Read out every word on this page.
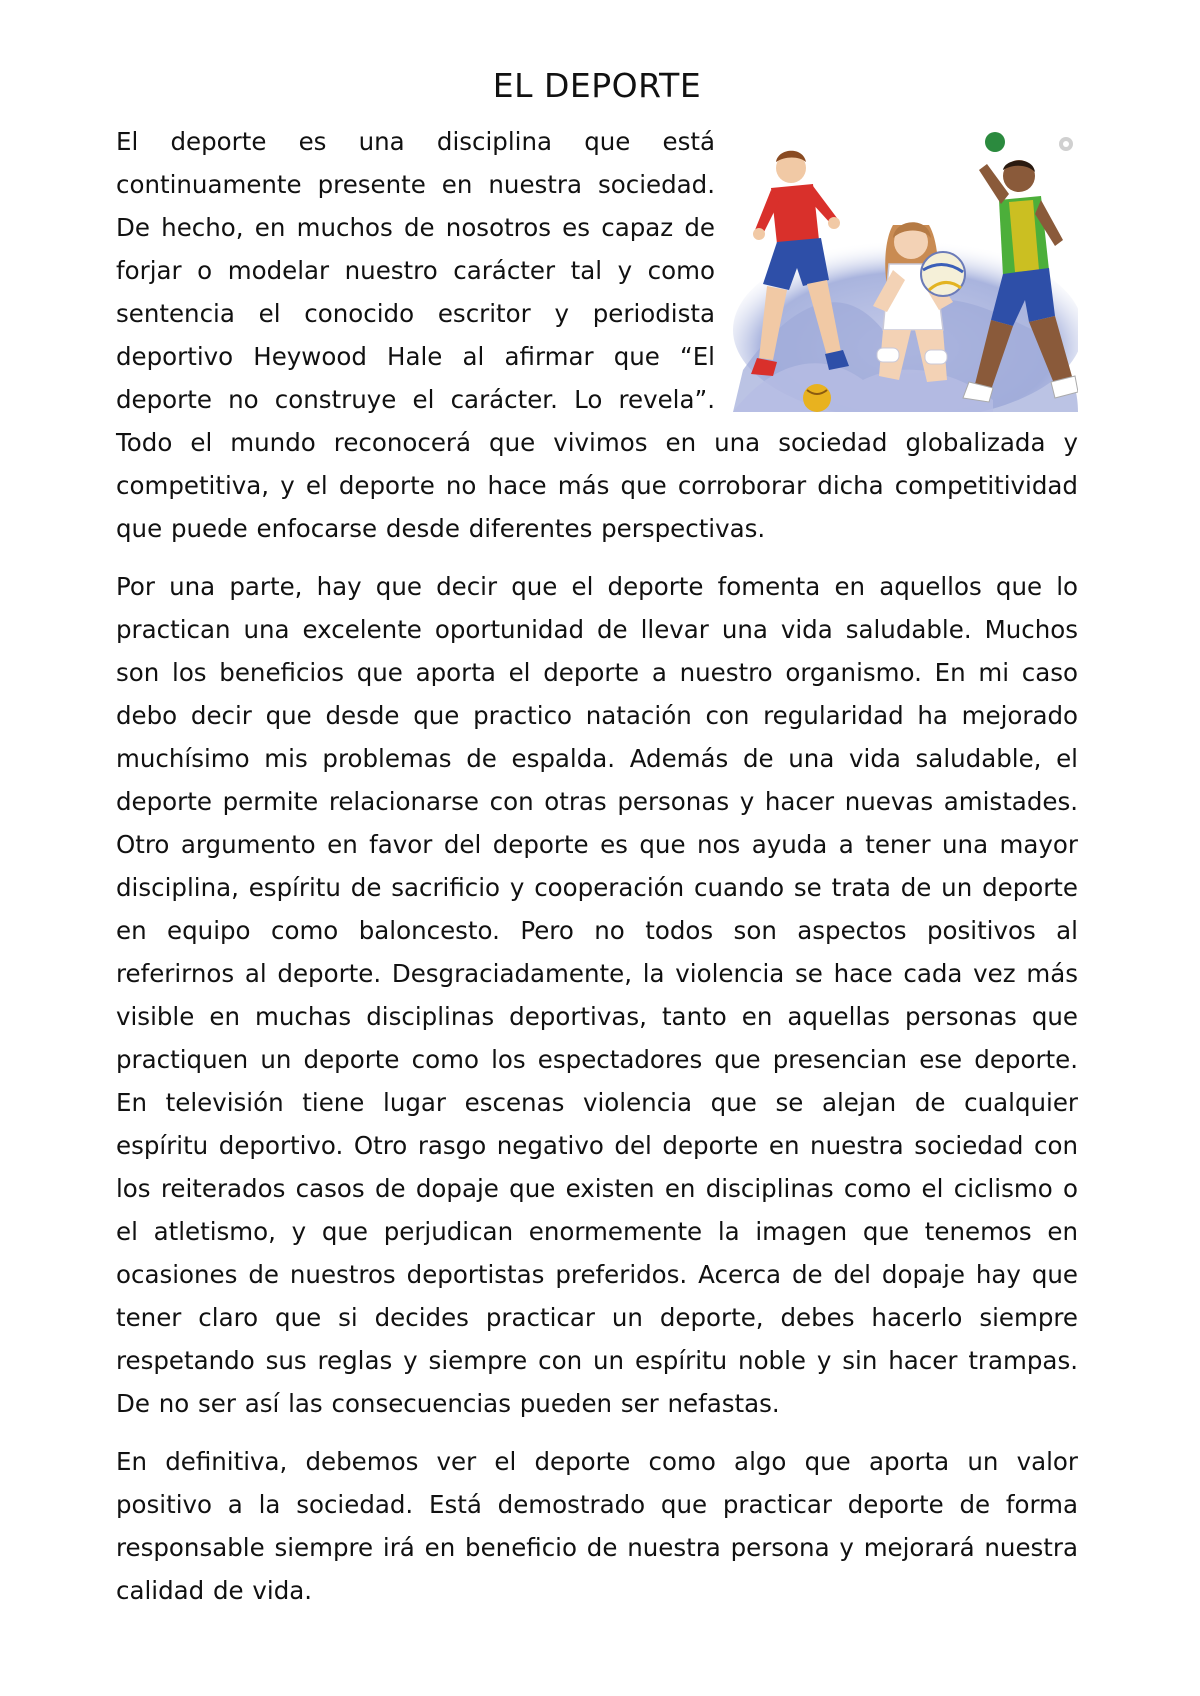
EL DEPORTE

El deporte es una disciplina que está continuamente presente en nuestra sociedad. De hecho, en muchos de nosotros es capaz de forjar o modelar nuestro carácter tal y como sentencia el conocido escritor y periodista deportivo Heywood Hale al afirmar que “El deporte no construye el carácter. Lo revela”. Todo el mundo reconocerá que vivimos en una sociedad globalizada y competitiva, y el deporte no hace más que corroborar dicha competitividad que puede enfocarse desde diferentes perspectivas.

Por una parte, hay que decir que el deporte fomenta en aquellos que lo practican una excelente oportunidad de llevar una vida saludable. Muchos son los beneficios que aporta el deporte a nuestro organismo. En mi caso debo decir que desde que practico natación con regularidad ha mejorado muchísimo mis problemas de espalda. Además de una vida saludable, el deporte permite relacionarse con otras personas y hacer nuevas amistades. Otro argumento en favor del deporte es que nos ayuda a tener una mayor disciplina, espíritu de sacrificio y cooperación cuando se trata de un deporte en equipo como baloncesto. Pero no todos son aspectos positivos al referirnos al deporte. Desgraciadamente, la violencia se hace cada vez más visible en muchas disciplinas deportivas, tanto en aquellas personas que practiquen un deporte como los espectadores que presencian ese deporte. En televisión tiene lugar escenas violencia que se alejan de cualquier espíritu deportivo. Otro rasgo negativo del deporte en nuestra sociedad con los reiterados casos de dopaje que existen en disciplinas como el ciclismo o el atletismo, y que perjudican enormemente la imagen que tenemos en ocasiones de nuestros deportistas preferidos. Acerca de del dopaje hay que tener claro que si decides practicar un deporte, debes hacerlo siempre respetando sus reglas y siempre con un espíritu noble y sin hacer trampas. De no ser así las consecuencias pueden ser nefastas.

En definitiva, debemos ver el deporte como algo que aporta un valor positivo a la sociedad. Está demostrado que practicar deporte de forma responsable siempre irá en beneficio de nuestra persona y mejorará nuestra calidad de vida.
